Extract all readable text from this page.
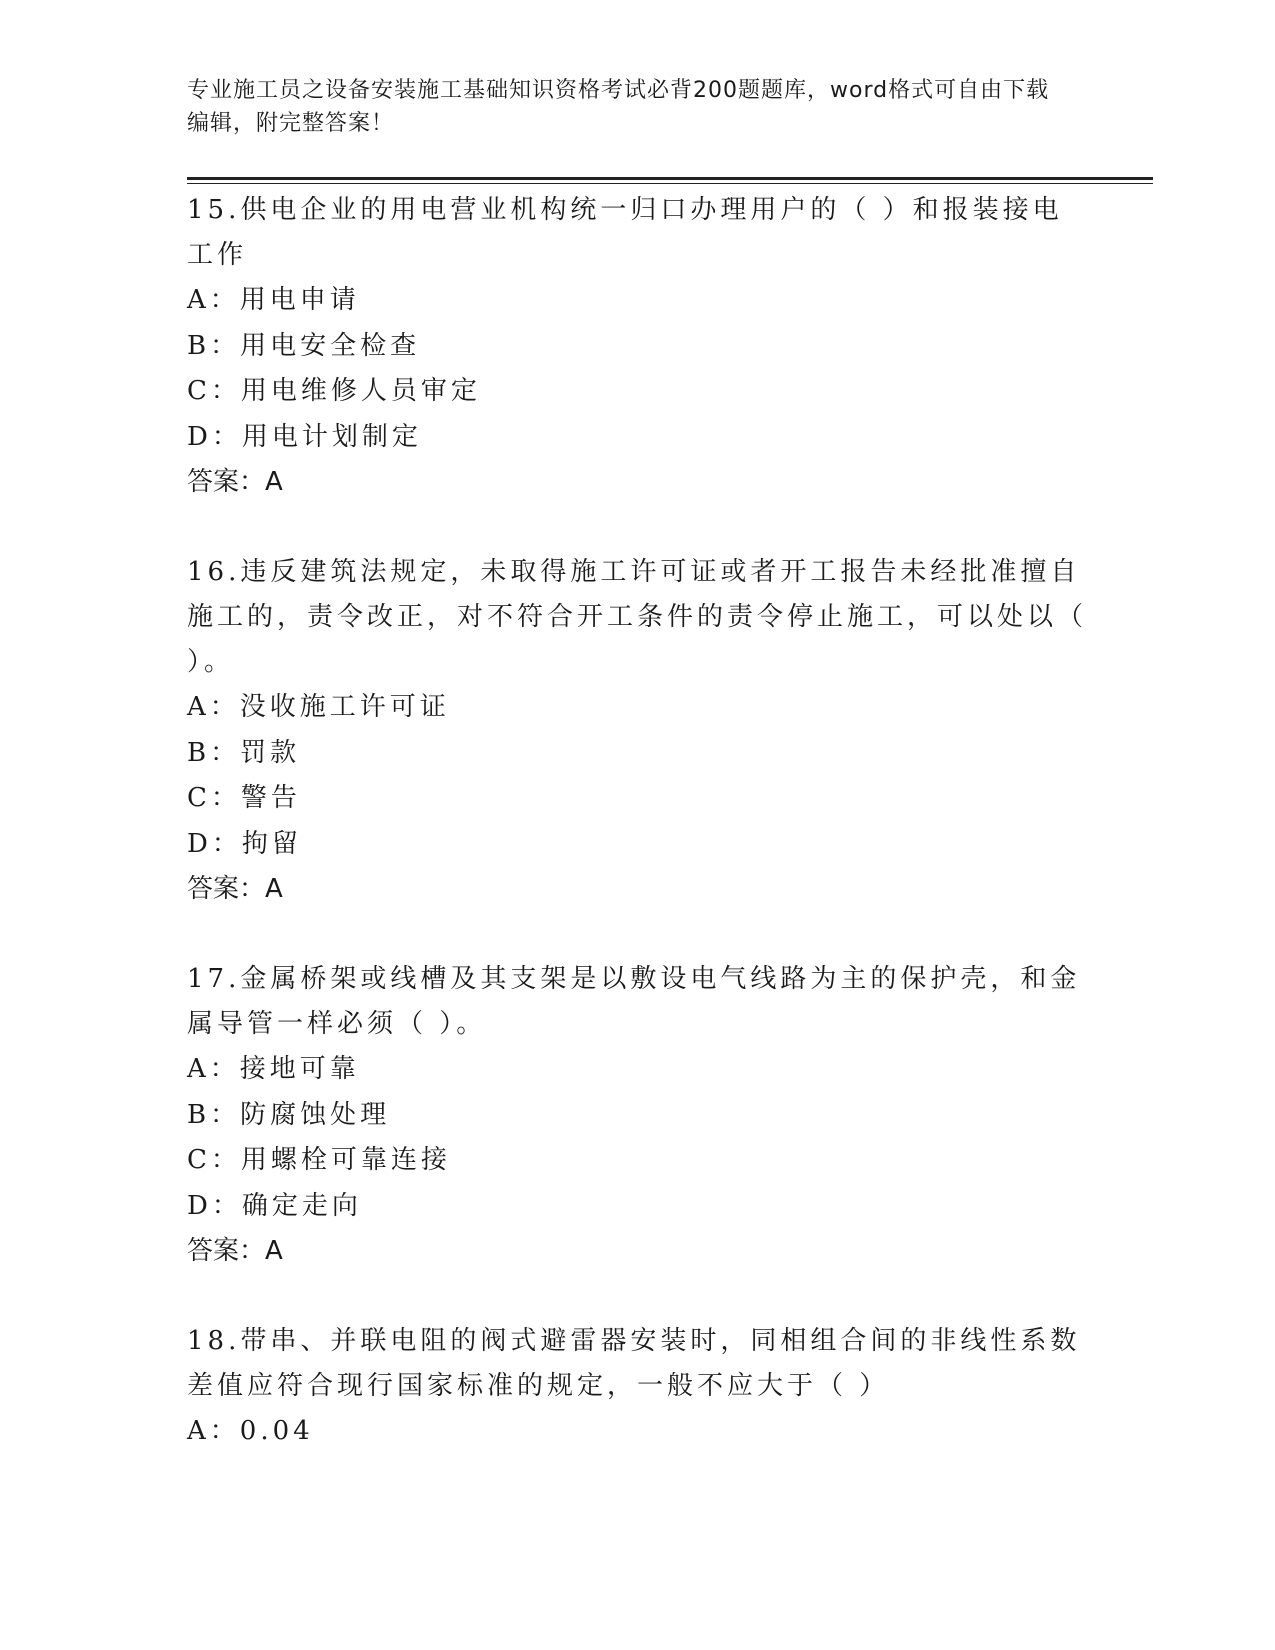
专业施工员之设备安装施工基础知识资格考试必背200题题库，word格式可自由下载编辑，附完整答案！

15.供电企业的用电营业机构统一归口办理用户的（ ）和报装接电工作

A：用电申请

B：用电安全检查

C：用电维修人员审定

D：用电计划制定

答案：A

16.违反建筑法规定，未取得施工许可证或者开工报告未经批准擅自施工的，责令改正，对不符合开工条件的责令停止施工，可以处以（ ）。

A：没收施工许可证

B：罚款

C：警告

D：拘留

答案：A

17.金属桥架或线槽及其支架是以敷设电气线路为主的保护壳，和金属导管一样必须（ ）。

A：接地可靠

B：防腐蚀处理

C：用螺栓可靠连接

D：确定走向

答案：A

18.带串、并联电阻的阀式避雷器安装时，同相组合间的非线性系数差值应符合现行国家标准的规定，一般不应大于（ ）

A：0.04
